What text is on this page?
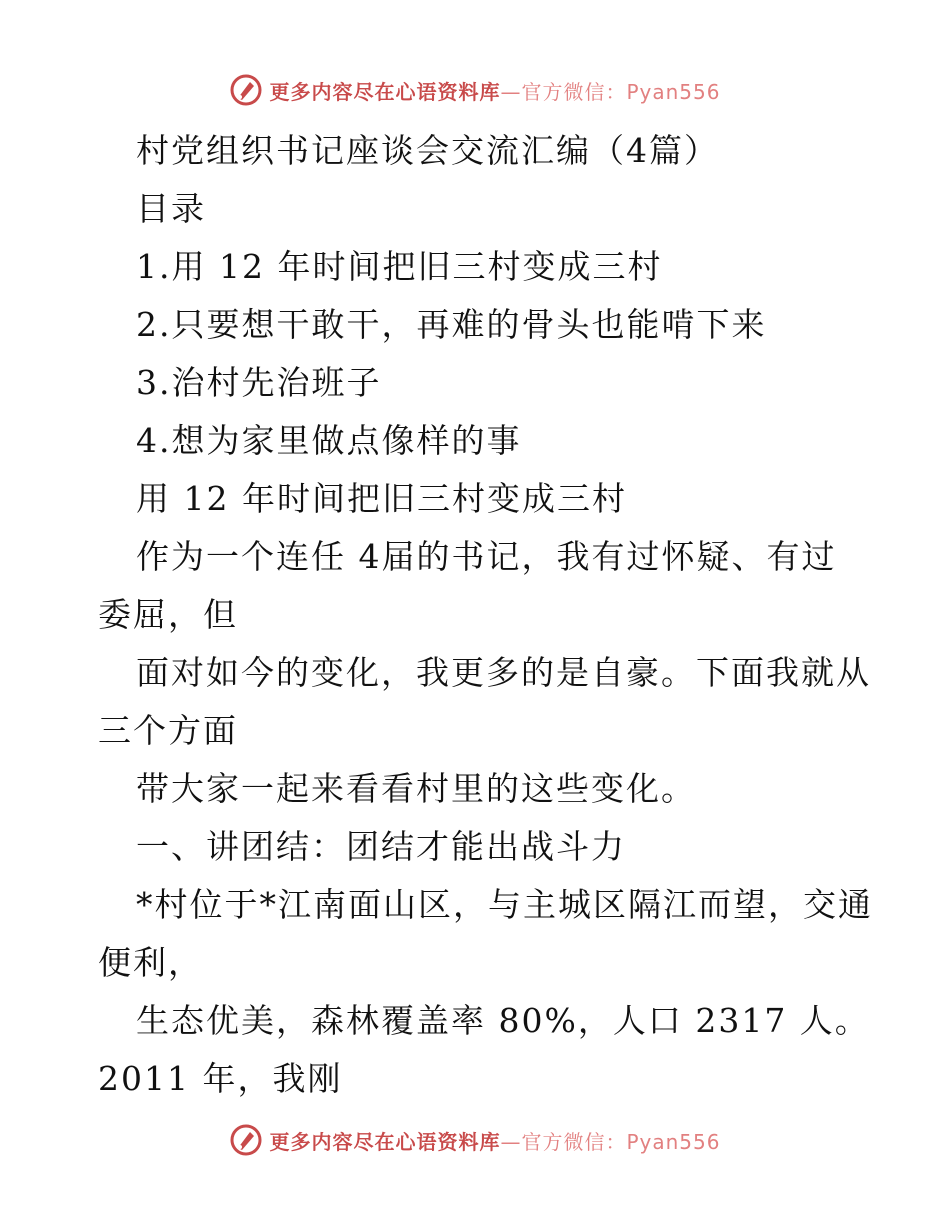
更多内容尽在心语资料库 —官方微信：Pyan556
村党组织书记座谈会交流汇编（4篇）
目录
1.用 12 年时间把旧三村变成三村
2.只要想干敢干，再难的骨头也能啃下来
3.治村先治班子
4.想为家里做点像样的事
用 12 年时间把旧三村变成三村
作为一个连任 4届的书记，我有过怀疑、有过
委屈，但
面对如今的变化，我更多的是自豪。下面我就从
三个方面
带大家一起来看看村里的这些变化。
一、讲团结：团结才能出战斗力
*村位于*江南面山区，与主城区隔江而望，交通
便利，
生态优美，森林覆盖率 80%，人口 2317 人。
2011 年，我刚
更多内容尽在心语资料库 —官方微信：Pyan556
